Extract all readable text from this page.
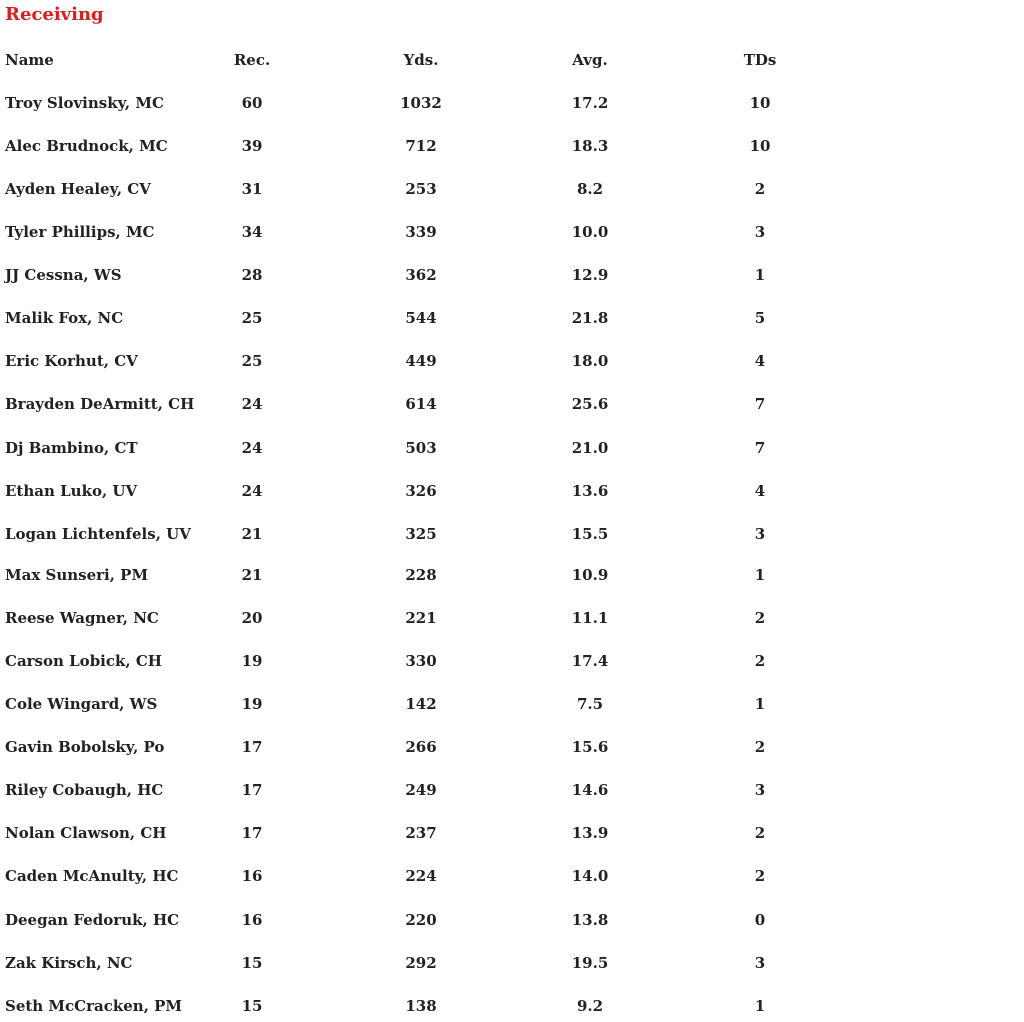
Receiving
Name	Rec.	Yds.	Avg.	TDs
Troy Slovinsky, MC	60	1032	17.2	10
Alec Brudnock, MC	39	712	18.3	10
Ayden Healey, CV	31	253	8.2	2
Tyler Phillips, MC	34	339	10.0	3
JJ Cessna, WS	28	362	12.9	1
Malik Fox, NC	25	544	21.8	5
Eric Korhut, CV	25	449	18.0	4
Brayden DeArmitt, CH	24	614	25.6	7
Dj Bambino, CT	24	503	21.0	7
Ethan Luko, UV	24	326	13.6	4
Logan Lichtenfels, UV	21	325	15.5	3
Max Sunseri, PM	21	228	10.9	1
Reese Wagner, NC	20	221	11.1	2
Carson Lobick, CH	19	330	17.4	2
Cole Wingard, WS	19	142	7.5	1
Gavin Bobolsky, Po	17	266	15.6	2
Riley Cobaugh, HC	17	249	14.6	3
Nolan Clawson, CH	17	237	13.9	2
Caden McAnulty, HC	16	224	14.0	2
Deegan Fedoruk, HC	16	220	13.8	0
Zak Kirsch, NC	15	292	19.5	3
Seth McCracken, PM	15	138	9.2	1
